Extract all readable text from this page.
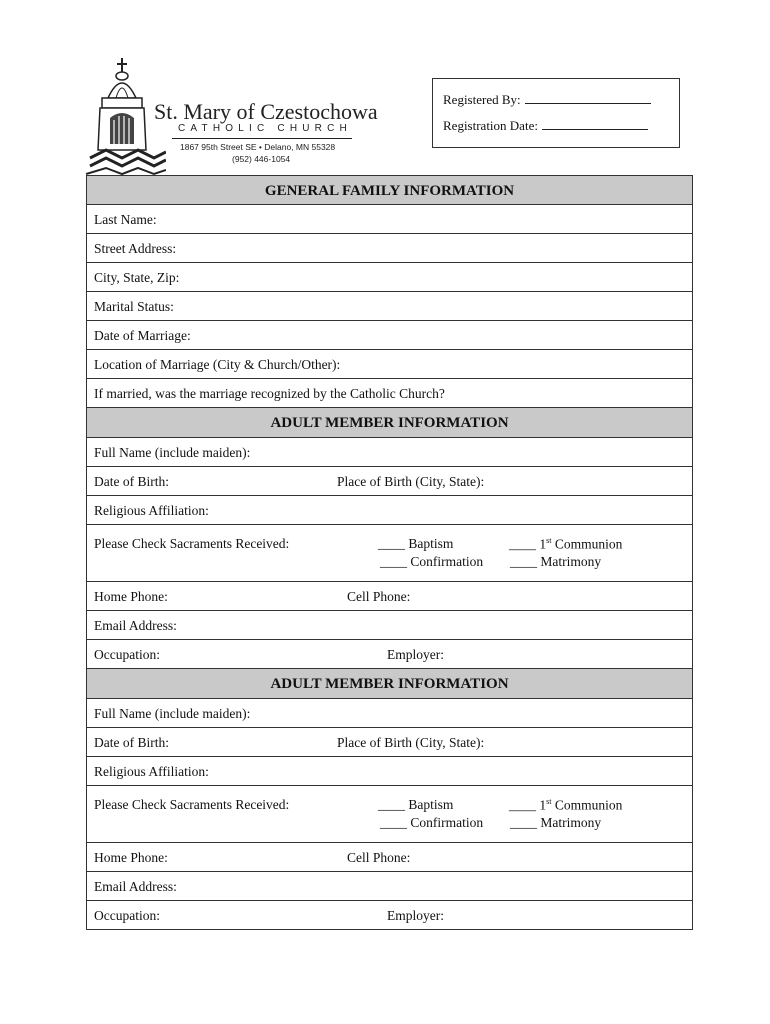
St. Mary of Czestochowa
CATHOLIC CHURCH
1867 95th Street SE • Delano, MN 55328
(952) 446-1054
Registered By:
Registration Date:
GENERAL FAMILY INFORMATION
Last Name:
Street Address:
City, State, Zip:
Marital Status:
Date of Marriage:
Location of Marriage (City & Church/Other):
If married, was the marriage recognized by the Catholic Church?
ADULT MEMBER INFORMATION
Full Name (include maiden):
Date of Birth:	Place of Birth (City, State):
Religious Affiliation:
Please Check Sacraments Received:	____ Baptism	____ 1st Communion
____ Confirmation ____ Matrimony
Home Phone:	Cell Phone:
Email Address:
Occupation:	Employer:
ADULT MEMBER INFORMATION
Full Name (include maiden):
Date of Birth:	Place of Birth (City, State):
Religious Affiliation:
Please Check Sacraments Received:	____ Baptism	____ 1st Communion
____ Confirmation ____ Matrimony
Home Phone:	Cell Phone:
Email Address:
Occupation:	Employer:
